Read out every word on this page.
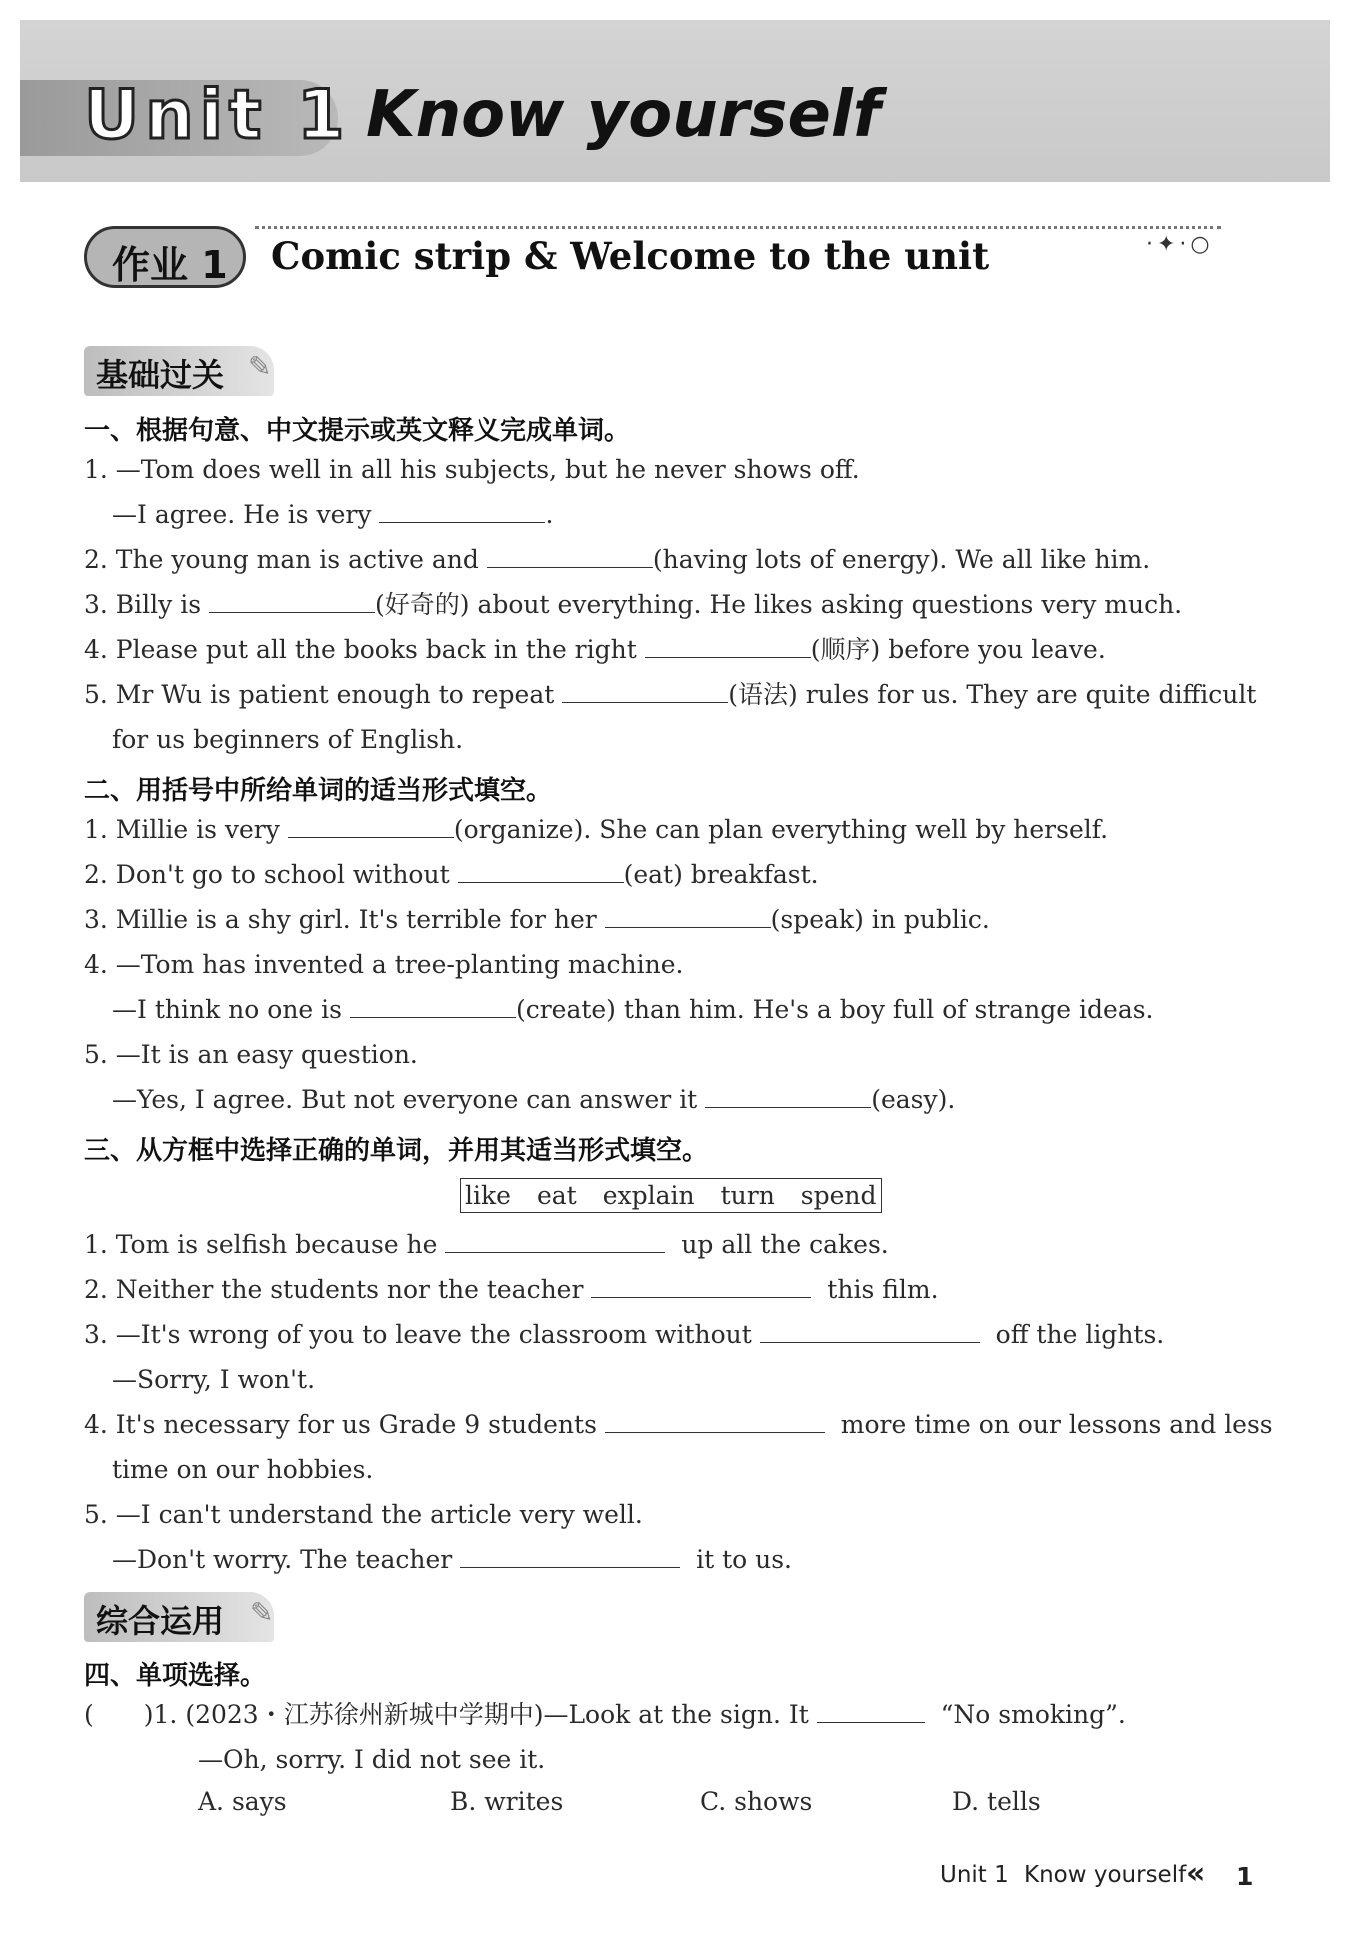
Unit 1 Know yourself
作业 1 Comic strip & Welcome to the unit	·✦·○
基础过关 ✎
一、根据句意、中文提示或英文释义完成单词。
1. —Tom does well in all his subjects, but he never shows off.
—I agree. He is very	.
2. The young man is active and	(having lots of energy). We all like him.
3. Billy is	(好奇的) about everything. He likes asking questions very much.
4. Please put all the books back in the right	(顺序) before you leave.
5. Mr Wu is patient enough to repeat	(语法) rules for us. They are quite difficult
for us beginners of English.
二、用括号中所给单词的适当形式填空。
1. Millie is very	(organize). She can plan everything well by herself.
2. Don't go to school without	(eat) breakfast.
3. Millie is a shy girl. It's terrible for her	(speak) in public.
4. —Tom has invented a tree-planting machine.
—I think no one is	(create) than him. He's a boy full of strange ideas.
5. —It is an easy question.
—Yes, I agree. But not everyone can answer it	(easy).
三、从方框中选择正确的单词，并用其适当形式填空。
like eat explain turn spend
1. Tom is selfish because he	up all the cakes.
2. Neither the students nor the teacher	this film.
3. —It's wrong of you to leave the classroom without	off the lights.
—Sorry, I won't.
4. It's necessary for us Grade 9 students	more time on our lessons and less
time on our hobbies.
5. —I can't understand the article very well.
—Don't worry. The teacher	it to us.
综合运用 ✎
四、单项选择。
(　　)1. (2023・江苏徐州新城中学期中)—Look at the sign. It	“No smoking”.
—Oh, sorry. I did not see it.
A. says	B. writes	C. shows	D. tells
Unit 1 Know yourself « 1
